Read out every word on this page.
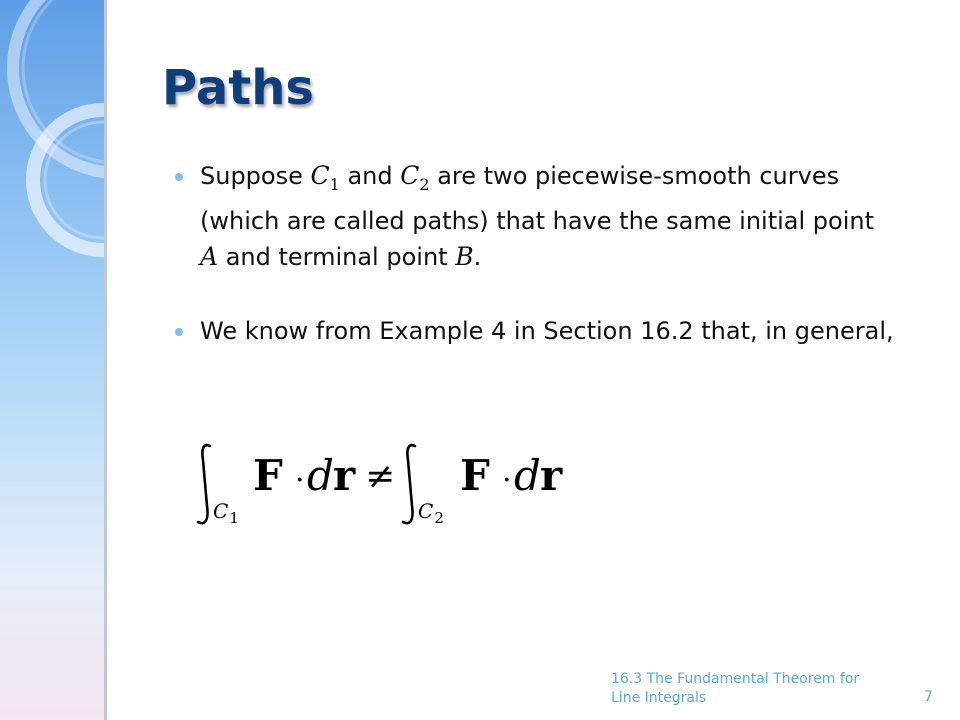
Paths
Suppose $C_1$ and $C_2$ are two piecewise-smooth curves (which are called paths) that have the same initial point A and terminal point B.
We know from Example 4 in Section 16.2 that, in general,
$C_1$
F ·dr ≠
$C_2$
F ·dr
16.3 The Fundamental Theorem for Line Integrals	7
